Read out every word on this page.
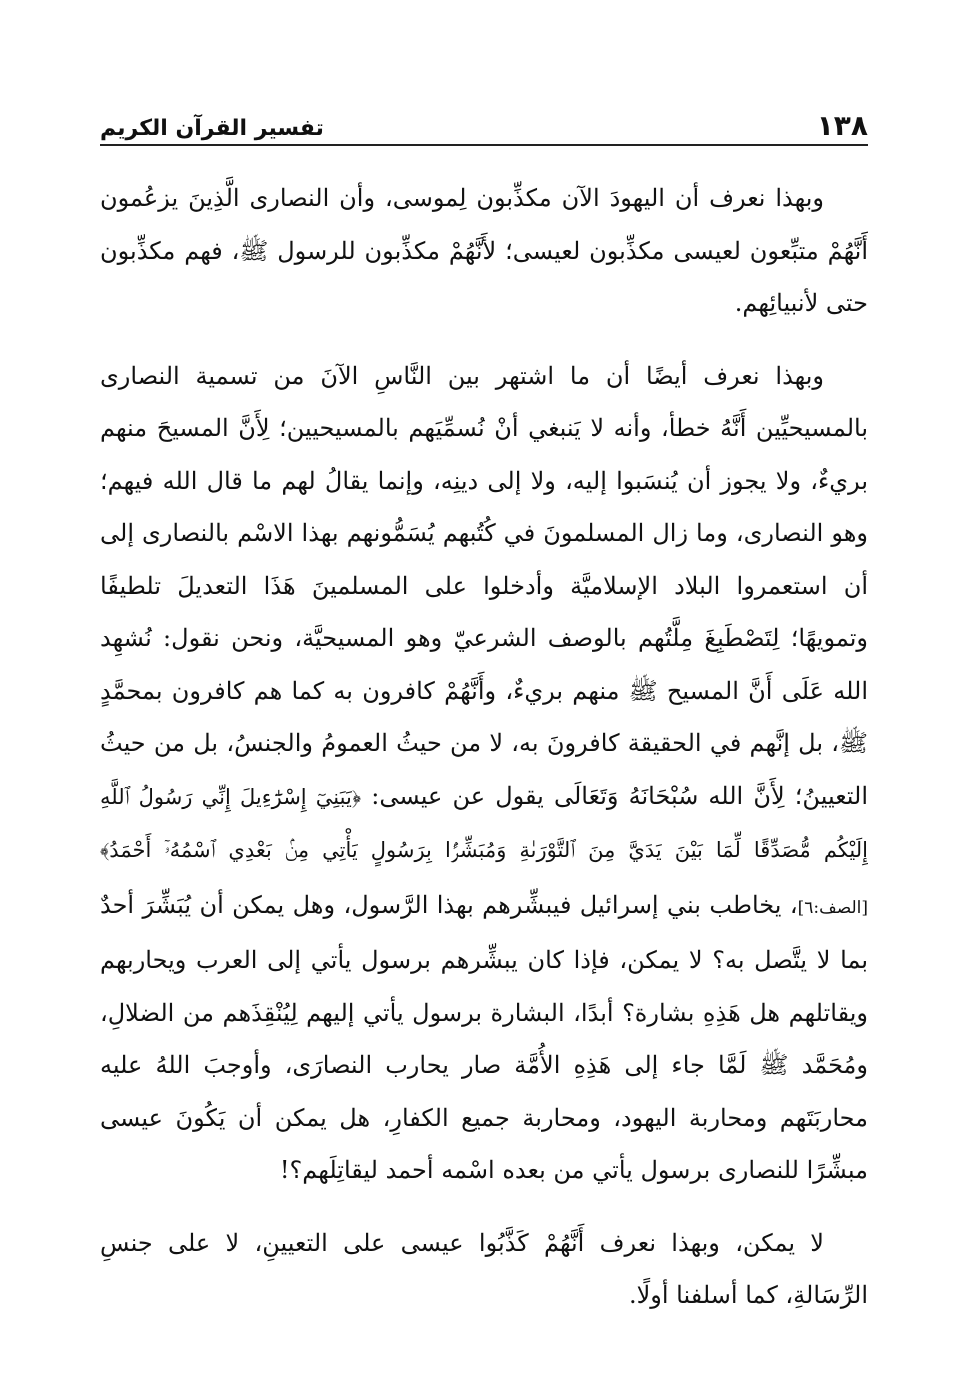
١٣٨
تفسير القرآن الكريم

وبهذا نعرف أن اليهودَ الآن مكذِّبون لِموسى، وأن النصارى الَّذِينَ يزعُمون أَنَّهُمْ متبِّعون لعيسى مكذِّبون لعيسى؛ لأَنَّهُمْ مكذِّبون للرسول ﷺ، فهم مكذِّبون حتى لأنبيائِهم.

وبهذا نعرف أيضًا أن ما اشتهر بين النَّاسِ الآنَ من تسمية النصارى بالمسيحيِّين أَنَّهُ خطأ، وأنه لا يَنبغي أنْ نُسمِّيَهم بالمسيحيين؛ لِأَنَّ المسيحَ منهم بريءٌ، ولا يجوز أن يُنسَبوا إليه، ولا إلى دينِه، وإنما يقالُ لهم ما قال الله فيهم؛ وهو النصارى، وما زال المسلمونَ في كُتُبهم يُسَمُّونهم بهذا الاسْم بالنصارى إلى أن استعمروا البلاد الإسلاميَّة وأدخلوا على المسلمينَ هَذَا التعديلَ تلطيفًا وتمويهًا؛ لِتَصْطَبِغَ مِلَّتُهم بالوصف الشرعيّ وهو المسيحيَّة، ونحن نقول: نُشهِد الله عَلَى أَنَّ المسيح ﷺ منهم بريءٌ، وأَنَّهُمْ كافرون به كما هم كافرون بمحمَّدٍ ﷺ، بل إنَّهم في الحقيقة كافرونَ به، لا من حيثُ العمومُ والجنسُ، بل من حيثُ التعيينُ؛ لِأَنَّ الله سُبْحَانَهُ وَتَعَالَى يقول عن عيسى: ﴿يَبَنِيٓ إِسْرَٰٓءِيلَ إِنِّي رَسُولُ ٱللَّهِ إِلَيْكُم مُّصَدِّقًا لِّمَا بَيْنَ يَدَيَّ مِنَ ٱلتَّوْرَىٰةِ وَمُبَشِّرًۢا بِرَسُولٍ يَأْتِي مِنۢ بَعْدِي ٱسْمُهُۥٓ أَحْمَدُ﴾ [الصف:٦]، يخاطب بني إسرائيل فيبشِّرهم بهذا الرَّسول، وهل يمكن أن يُبَشِّرَ أحدٌ بما لا يتَّصل به؟ لا يمكن، فإذا كان يبشِّرهم برسول يأتي إلى العرب ويحاربهم ويقاتلهم هل هَذِهِ بشارة؟ أبدًا، البشارة برسول يأتي إليهم لِيُنْقِذَهم من الضلالِ، ومُحَمَّد ﷺ لَمَّا جاء إلى هَذِهِ الأُمَّة صار يحارب النصارَى، وأوجبَ اللهُ عليه محاربَتَهم ومحاربة اليهود، ومحاربة جميع الكفارِ، هل يمكن أن يَكُونَ عيسى مبشِّرًا للنصارى برسول يأتي من بعده اسْمه أحمد ليقاتِلَهم؟!

لا يمكن، وبهذا نعرف أَنَّهُمْ كَذَّبُوا عيسى على التعيينِ، لا على جنسِ الرِّسَالةِ، كما أسلفنا أولًا.
